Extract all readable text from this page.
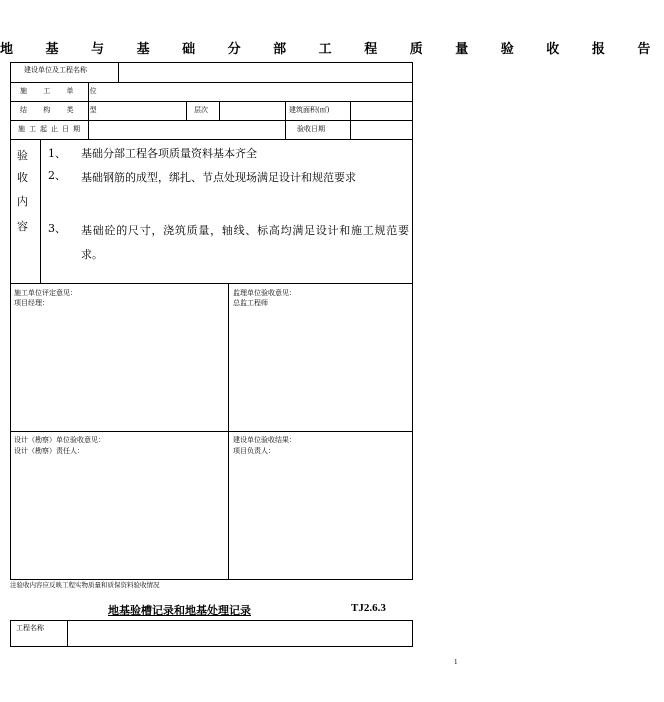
地 基 与 基 础 分 部 工 程 质 量 验 收 报 告
建设单位及工程名称
施 工 单 位
结 构 类 型	层次	建筑面积(㎡)
施工起止日期	验收日期
验
收
内
容
1、 基础分部工程各项质量资料基本齐全
2、 基础钢筋的成型，绑扎、节点处现场满足设计和规范要求
3、 基础砼的尺寸，浇筑质量，轴线、标高均满足设计和施工规范要求。
施工单位评定意见：
项目经理：
监理单位验收意见：
总监工程师
设计（勘察）单位验收意见：
设计（勘察）责任人：
建设单位验收结果：
项目负责人：
注验收内容应反映工程实物质量和质保资料验收情况
地基验槽记录和地基处理记录	TJ2.6.3
工程名称
1
